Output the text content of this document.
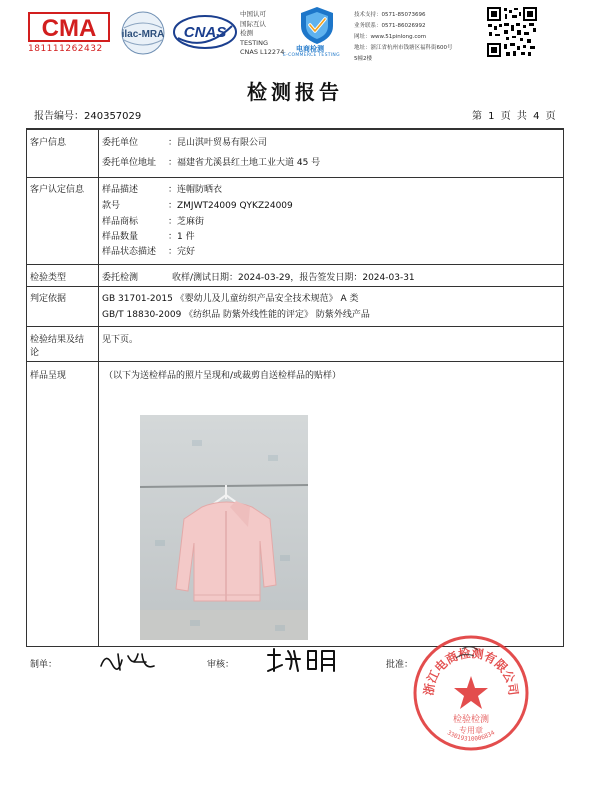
CMA
181111262432
ilac-MRA CNAS
中国认可
国际互认
检测
TESTING
CNAS L12274 电商检测
E-COMMERCE TESTING
技术支持：0571-85073696
业务联系：0571-86026992
网址：www.51pinlong.com
地址：浙江省杭州市钱塘区福科街600号
5幢2楼
检测报告
报告编号：240357029	第 1 页 共 4 页
客户信息	委托单位	：昆山淇叶贸易有限公司
委托单位地址 ：福建省尤溪县红土地工业大道 45 号
客户认定信息 样品描述	：连帽防晒衣
款号	：ZMJWT24009 QYKZ24009
样品商标	：芝麻街
样品数量	：1 件
样品状态描述 ：完好
检验类型	委托检测	收样/测试日期：2024-03-29，报告签发日期：2024-03-31
判定依据	GB 31701-2015 《婴幼儿及儿童纺织产品安全技术规范》 A 类
GB/T 18830-2009 《纺织品 防紫外线性能的评定》 防紫外线产品
检验结果及结
论
见下页。
样品呈现	（以下为送检样品的照片呈现和/或裁剪自送检样品的贴样）
制单：	审核：	批准：
浙江电商检测有限公司
检验检测
专用章
33019310006834
